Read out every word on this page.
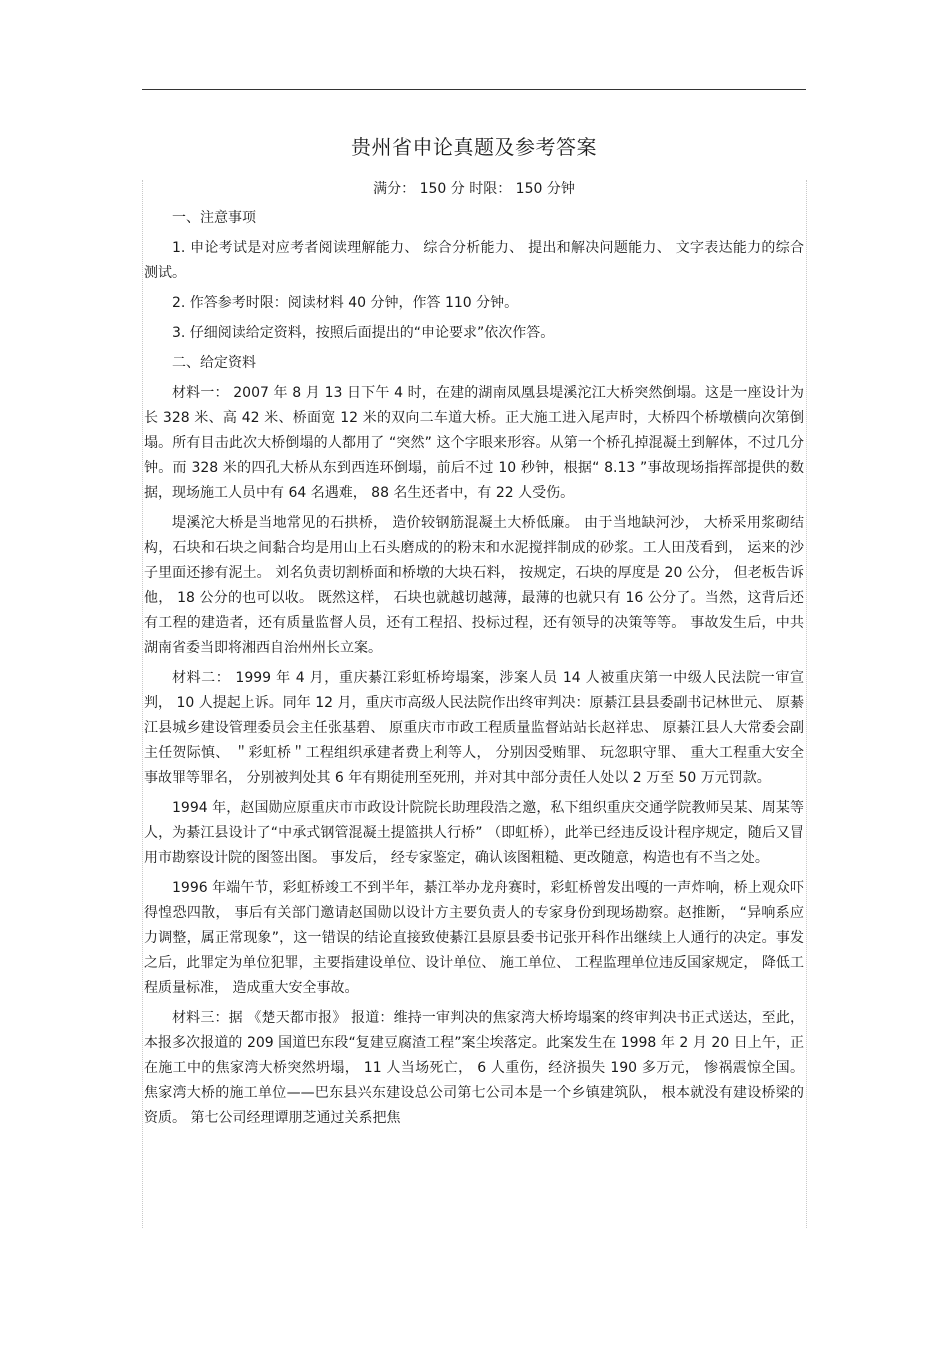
贵州省申论真题及参考答案
满分： 150 分 时限： 150 分钟

一、注意事项

1. 申论考试是对应考者阅读理解能力、 综合分析能力、 提出和解决问题能力、 文字表达能力的综合测试。

2. 作答参考时限：阅读材料 40 分钟，作答 110 分钟。

3. 仔细阅读给定资料，按照后面提出的“申论要求”依次作答。

二、给定资料

材料一： 2007 年 8 月 13 日下午 4 时，在建的湖南凤凰县堤溪沱江大桥突然倒塌。这是一座设计为长 328 米、高 42 米、桥面宽 12 米的双向二车道大桥。正大施工进入尾声时，大桥四个桥墩横向次第倒塌。所有目击此次大桥倒塌的人都用了 “突然” 这个字眼来形容。从第一个桥孔掉混凝土到解体，不过几分钟。而 328 米的四孔大桥从东到西连环倒塌，前后不过 10 秒钟，根据“ 8.13 ”事故现场指挥部提供的数据，现场施工人员中有 64 名遇难， 88 名生还者中，有 22 人受伤。

堤溪沱大桥是当地常见的石拱桥， 造价较钢筋混凝土大桥低廉。 由于当地缺河沙， 大桥采用浆砌结构，石块和石块之间黏合均是用山上石头磨成的的粉末和水泥搅拌制成的砂浆。工人田茂看到， 运来的沙子里面还掺有泥土。 刘名负责切割桥面和桥墩的大块石料， 按规定，石块的厚度是 20 公分， 但老板告诉他， 18 公分的也可以收。 既然这样， 石块也就越切越薄，最薄的也就只有 16 公分了。当然，这背后还有工程的建造者，还有质量监督人员，还有工程招、投标过程，还有领导的决策等等。 事故发生后，中共湖南省委当即将湘西自治州州长立案。

材料二： 1999 年 4 月，重庆綦江彩虹桥垮塌案，涉案人员 14 人被重庆第一中级人民法院一审宣判， 10 人提起上诉。同年 12 月，重庆市高级人民法院作出终审判决：原綦江县县委副书记林世元、 原綦江县城乡建设管理委员会主任张基碧、 原重庆市市政工程质量监督站站长赵祥忠、 原綦江县人大常委会副主任贺际慎、 ＂彩虹桥＂工程组织承建者费上利等人， 分别因受贿罪、 玩忽职守罪、 重大工程重大安全事故罪等罪名， 分别被判处其 6 年有期徒刑至死刑，并对其中部分责任人处以 2 万至 50 万元罚款。

1994 年，赵国勋应原重庆市市政设计院院长助理段浩之邀，私下组织重庆交通学院教师吴某、周某等人，为綦江县设计了“中承式钢管混凝土提篮拱人行桥” （即虹桥），此举已经违反设计程序规定，随后又冒用市勘察设计院的图签出图。 事发后， 经专家鉴定，确认该图粗糙、更改随意，构造也有不当之处。

1996 年端午节，彩虹桥竣工不到半年，綦江举办龙舟赛时，彩虹桥曾发出嘎的一声炸响，桥上观众吓得惶恐四散， 事后有关部门邀请赵国勋以设计方主要负责人的专家身份到现场勘察。赵推断， “异响系应力调整，属正常现象”，这一错误的结论直接致使綦江县原县委书记张开科作出继续上人通行的决定。事发之后，此罪定为单位犯罪，主要指建设单位、设计单位、 施工单位、 工程监理单位违反国家规定， 降低工程质量标准， 造成重大安全事故。

材料三：据 《楚天都市报》 报道：维持一审判决的焦家湾大桥垮塌案的终审判决书正式送达，至此，本报多次报道的 209 国道巴东段“复建豆腐渣工程”案尘埃落定。此案发生在 1998 年 2 月 20 日上午，正在施工中的焦家湾大桥突然坍塌， 11 人当场死亡， 6 人重伤，经济损失 190 多万元， 惨祸震惊全国。 焦家湾大桥的施工单位——巴东县兴东建设总公司第七公司本是一个乡镇建筑队， 根本就没有建设桥梁的资质。 第七公司经理谭朋芝通过关系把焦
